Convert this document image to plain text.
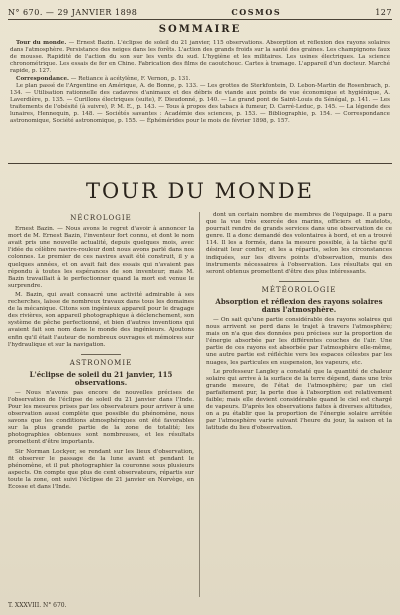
N° 670. — 29 JANVIER 1898	COSMOS	127
SOMMAIRE

Tour du monde. — Ernest Bazin. L'éclipse de soleil du 21 janvier, 115 observations. Absorption et réflexion des rayons solaires dans l'atmosphère. Persistance des neiges dans les forêts. L'action des grands froids sur la santé des graines. Les champignons faux de mousse. Rapidité de l'action du son sur les vents du sud. L'hygiène et les militaires. Les usines électriques. La science chronométrique. Les essais de fer en Chine. Fabrication des films de caoutchouc. Cartes à tramage. L'appareil d'un docteur. Marché rapide, p. 127.

Correspondance. — Retiance à acétylène, F. Vernon, p. 131.

Le plan passé de l'Argentine en Amérique, A. de Bonne, p. 133. — Les grottes de Sterkfontein, D. Lebon-Martin de Rosenbrach, p. 134. — Utilisation rationnelle des cadavres d'animaux et des débris de viande aux points de vue économique et hygiénique, A. Laverdière, p. 135. — Curillons électriques (suite), F. Dieudonné, p. 140. — Le grand pont de Saint-Louis du Sénégal, p. 141. — Les traitements de l'obésité (à suivre), P. M. E., p. 143. — Tous à propos des tabacs à fumeur, D. Carré-Leduc, p. 145. — La légende des lunaires, Hennequin, p. 148. — Sociétés savantes : Académie des sciences, p. 153. — Bibliographie, p. 154. — Correspondance astronomique, Société astronomique, p. 155. — Éphémérides pour le mois de février 1898, p. 157.

TOUR DU MONDE
NÉCROLOGIE

Ernest Bazin. — Nous avons le regret d'avoir à annoncer la mort de M. Ernest Bazin, l'inventeur fort connu, et dont le nom avait pris une nouvelle actualité, depuis quelques mois, avec l'idée du célèbre navire-rouleur dont nous avons parlé dans nos colonnes. Le premier de ces navires avait été construit, il y a quelques années, et on avait fait des essais qui n'avaient pas répondu à toutes les espérances de son inventeur; mais M. Bazin travaillait à le perfectionner quand la mort est venue le surprendre.

M. Bazin, qui avait consacré une activité admirable à ses recherches, laisse de nombreux travaux dans tous les domaines de la mécanique. Citons son ingénieux appareil pour le dragage des rivières, son appareil photographique à déclenchement, son système de pêche perfectionné, et bien d'autres inventions qui avaient fait son nom dans le monde des ingénieurs. Ajoutons enfin qu'il était l'auteur de nombreux ouvrages et mémoires sur l'hydraulique et sur la navigation.

ASTRONOMIE
L'éclipse de soleil du 21 janvier, 115 observations.

— Nous n'avons pas encore de nouvelles précises de l'observation de l'éclipse de soleil du 21 janvier dans l'Inde. Pour les mesures prises par les observateurs pour arriver à une observation aussi complète que possible du phénomène, nous savons que les conditions atmosphériques ont été favorables sur la plus grande partie de la zone de totalité; les photographies obtenues sont nombreuses, et les résultats promettent d'être importants.

Sir Norman Lockyer, se rendant sur les lieux d'observation, fit observer le passage de la lune avant et pendant le phénomène, et il put photographier la couronne sous plusieurs aspects. On compte que plus de cent observateurs, répartis sur toute la zone, ont suivi l'éclipse de 21 janvier en Norvège, en Ecosse et dans l'Inde.

dont un certain nombre de membres de l'équipage. Il a paru que la vue très exercée des marins, officiers et matelots, pourrait rendre de grands services dans une observation de ce genre. Il a donc demandé des volontaires à bord, et en a trouvé 114. Il les a formés, dans la mesure possible, à la tâche qu'il désirait leur confier, et les a répartis, selon les circonstances indiquées, sur les divers points d'observation, munis des instruments nécessaires à l'observation. Les résultats qui en seront obtenus promettent d'être des plus intéressants.

MÉTÉOROLOGIE
Absorption et réflexion des rayons solaires dans l'atmosphère.

— On sait qu'une partie considérable des rayons solaires qui nous arrivent se perd dans le trajet à travers l'atmosphère; mais on n'a que des données peu précises sur la proportion de l'énergie absorbée par les différentes couches de l'air. Une partie de ces rayons est absorbée par l'atmosphère elle-même, une autre partie est réfléchie vers les espaces célestes par les nuages, les particules en suspension, les vapeurs, etc.

Le professeur Langley a constaté que la quantité de chaleur solaire qui arrive à la surface de la terre dépend, dans une très grande mesure, de l'état de l'atmosphère; par un ciel parfaitement pur, la perte due à l'absorption est relativement faible; mais elle devient considérable quand le ciel est chargé de vapeurs. D'après les observations faites à diverses altitudes, on a pu établir que la proportion de l'énergie solaire arrêtée par l'atmosphère varie suivant l'heure du jour, la saison et la latitude du lieu d'observation.

T. XXXVIII. N° 670.
